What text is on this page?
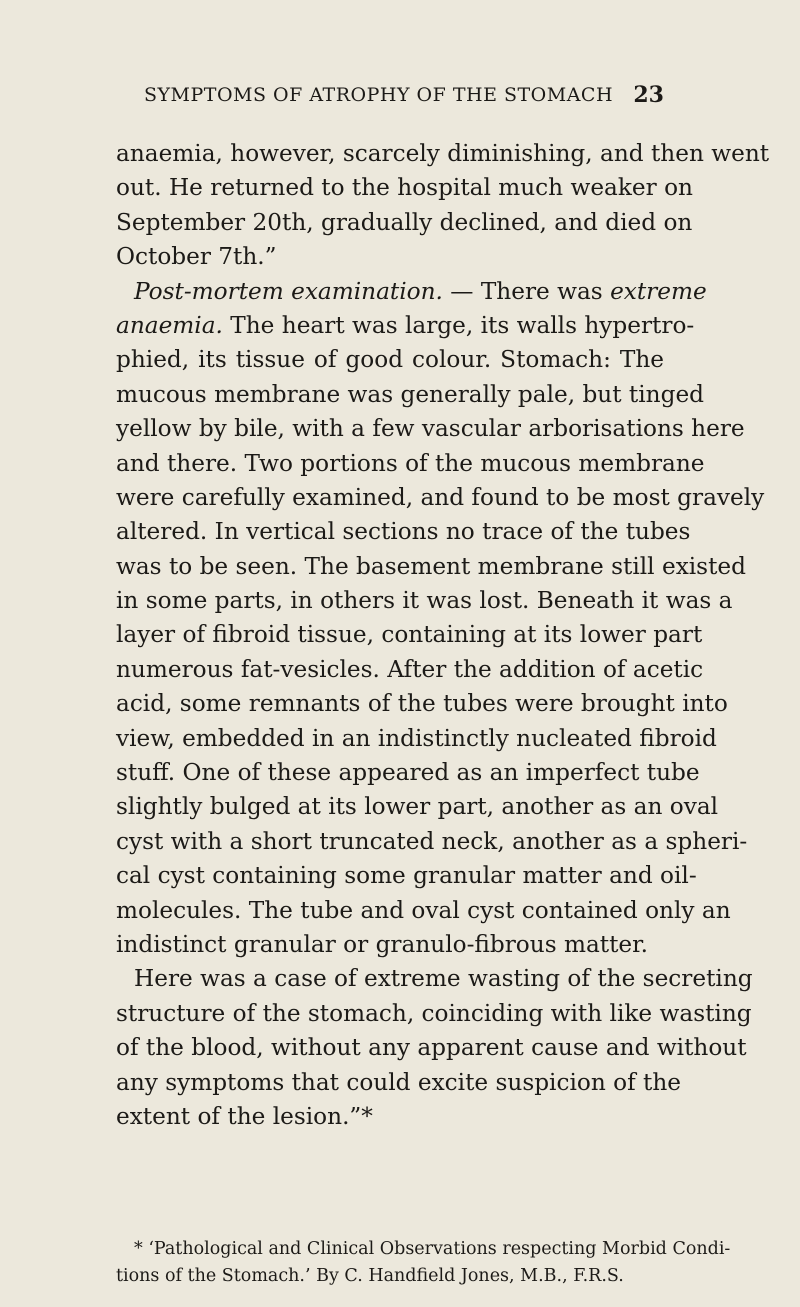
SYMPTOMS OF ATROPHY OF THE STOMACH 23
anaemia, however, scarcely diminishing, and then went
out. He returned to the hospital much weaker on
September 20th, gradually declined, and died on
October 7th.”
Post-mortem examination. — There was extreme
anaemia. The heart was large, its walls hypertro-
phied, its tissue of good colour. Stomach: The
mucous membrane was generally pale, but tinged
yellow by bile, with a few vascular arborisations here
and there. Two portions of the mucous membrane
were carefully examined, and found to be most gravely
altered. In vertical sections no trace of the tubes
was to be seen. The basement membrane still existed
in some parts, in others it was lost. Beneath it was a
layer of fibroid tissue, containing at its lower part
numerous fat-vesicles. After the addition of acetic
acid, some remnants of the tubes were brought into
view, embedded in an indistinctly nucleated fibroid
stuff. One of these appeared as an imperfect tube
slightly bulged at its lower part, another as an oval
cyst with a short truncated neck, another as a spheri-
cal cyst containing some granular matter and oil-
molecules. The tube and oval cyst contained only an
indistinct granular or granulo-fibrous matter.
Here was a case of extreme wasting of the secreting
structure of the stomach, coinciding with like wasting
of the blood, without any apparent cause and without
any symptoms that could excite suspicion of the
extent of the lesion.”*
* ‘Pathological and Clinical Observations respecting Morbid Condi-
tions of the Stomach.’ By C. Handfield Jones, M.B., F.R.S.
